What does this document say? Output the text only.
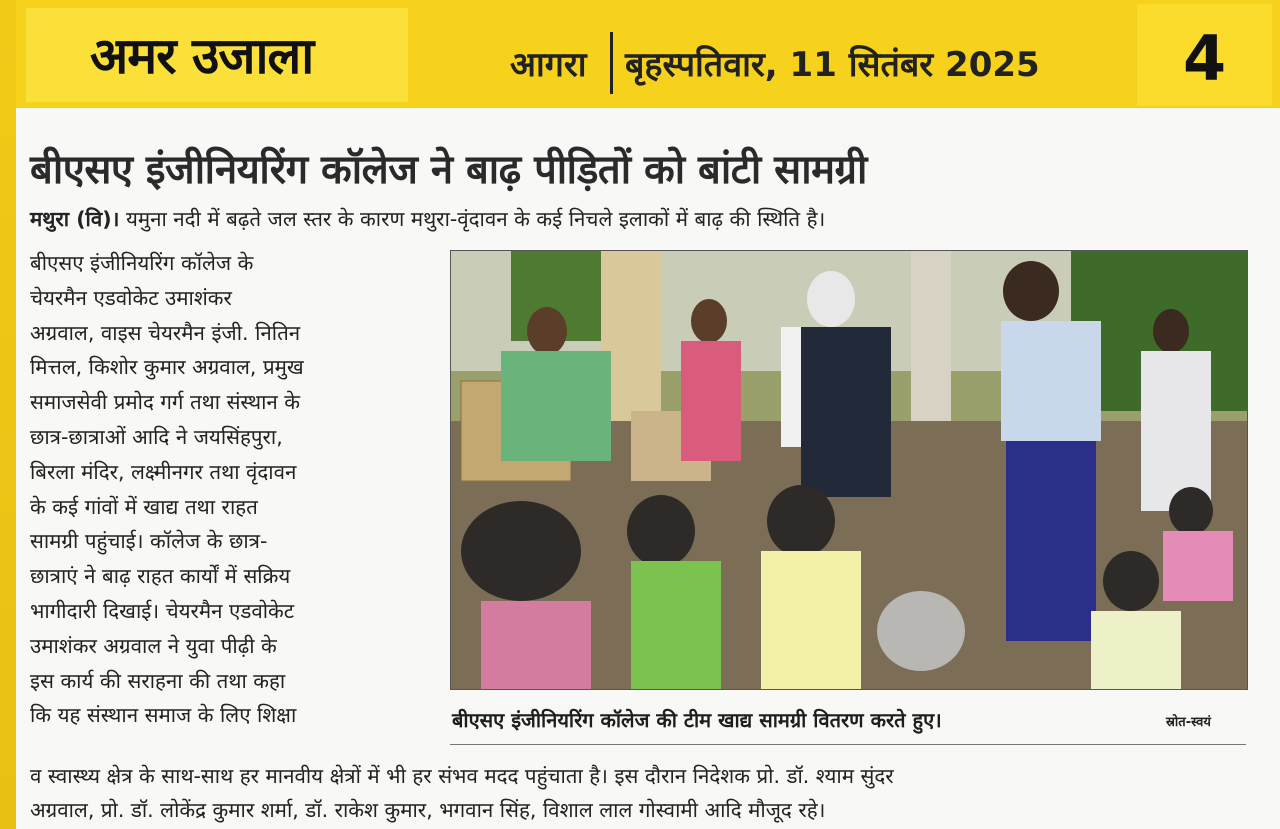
अमर उजाला	आगरा बृहस्पतिवार, 11 सितंबर 2025 4
बीएसए इंजीनियरिंग कॉलेज ने बाढ़ पीड़ितों को बांटी सामग्री
मथुरा (वि)। यमुना नदी में बढ़ते जल स्तर के कारण मथुरा-वृंदावन के कई निचले इलाकों में बाढ़ की स्थिति है।
बीएसए इंजीनियरिंग कॉलेज के
चेयरमैन एडवोकेट उमाशंकर
अग्रवाल, वाइस चेयरमैन इंजी. नितिन
मित्तल, किशोर कुमार अग्रवाल, प्रमुख
समाजसेवी प्रमोद गर्ग तथा संस्थान के
छात्र-छात्राओं आदि ने जयसिंहपुरा,
बिरला मंदिर, लक्ष्मीनगर तथा वृंदावन
के कई गांवों में खाद्य तथा राहत
सामग्री पहुंचाई। कॉलेज के छात्र-
छात्राएं ने बाढ़ राहत कार्यों में सक्रिय
भागीदारी दिखाई। चेयरमैन एडवोकेट
उमाशंकर अग्रवाल ने युवा पीढ़ी के
इस कार्य की सराहना की तथा कहा
कि यह संस्थान समाज के लिए शिक्षा	बीएसए इंजीनियरिंग कॉलेज की टीम खाद्य सामग्री वितरण करते हुए।	स्रोत-स्वयं
व स्वास्थ्य क्षेत्र के साथ-साथ हर मानवीय क्षेत्रों में भी हर संभव मदद पहुंचाता है। इस दौरान निदेशक प्रो. डॉ. श्याम सुंदर
अग्रवाल, प्रो. डॉ. लोकेंद्र कुमार शर्मा, डॉ. राकेश कुमार, भगवान सिंह, विशाल लाल गोस्वामी आदि मौजूद रहे।
